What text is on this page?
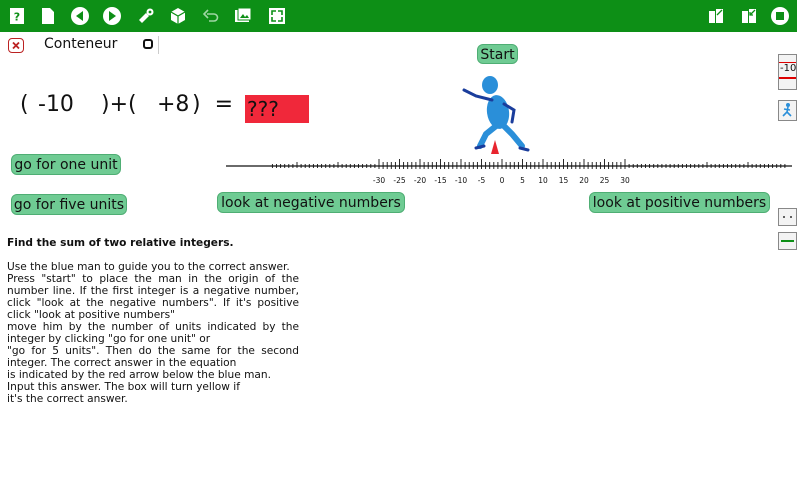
?
Conteneur
Start
( -10 )+( +8 )  = ???
-30 -25 -20 -15 -10 -5 0 5 10 15 20 25 30
go for one unit
go for five units	look at negative numbers	look at positive numbers
-10

Find the sum of two relative integers.

Use the blue man to guide you to the correct answer.

Press "start" to place the man in the origin of the number line. If the first integer is a negative number, click "look at the negative numbers". If it's positive click "look at positive numbers"

move him by the number of units indicated by the integer by clicking "go for one unit" or

"go for 5 units". Then do the same for the second integer. The correct answer in the equation

is indicated by the red arrow below the blue man.

Input this answer. The box will turn yellow if

it's the correct answer.
